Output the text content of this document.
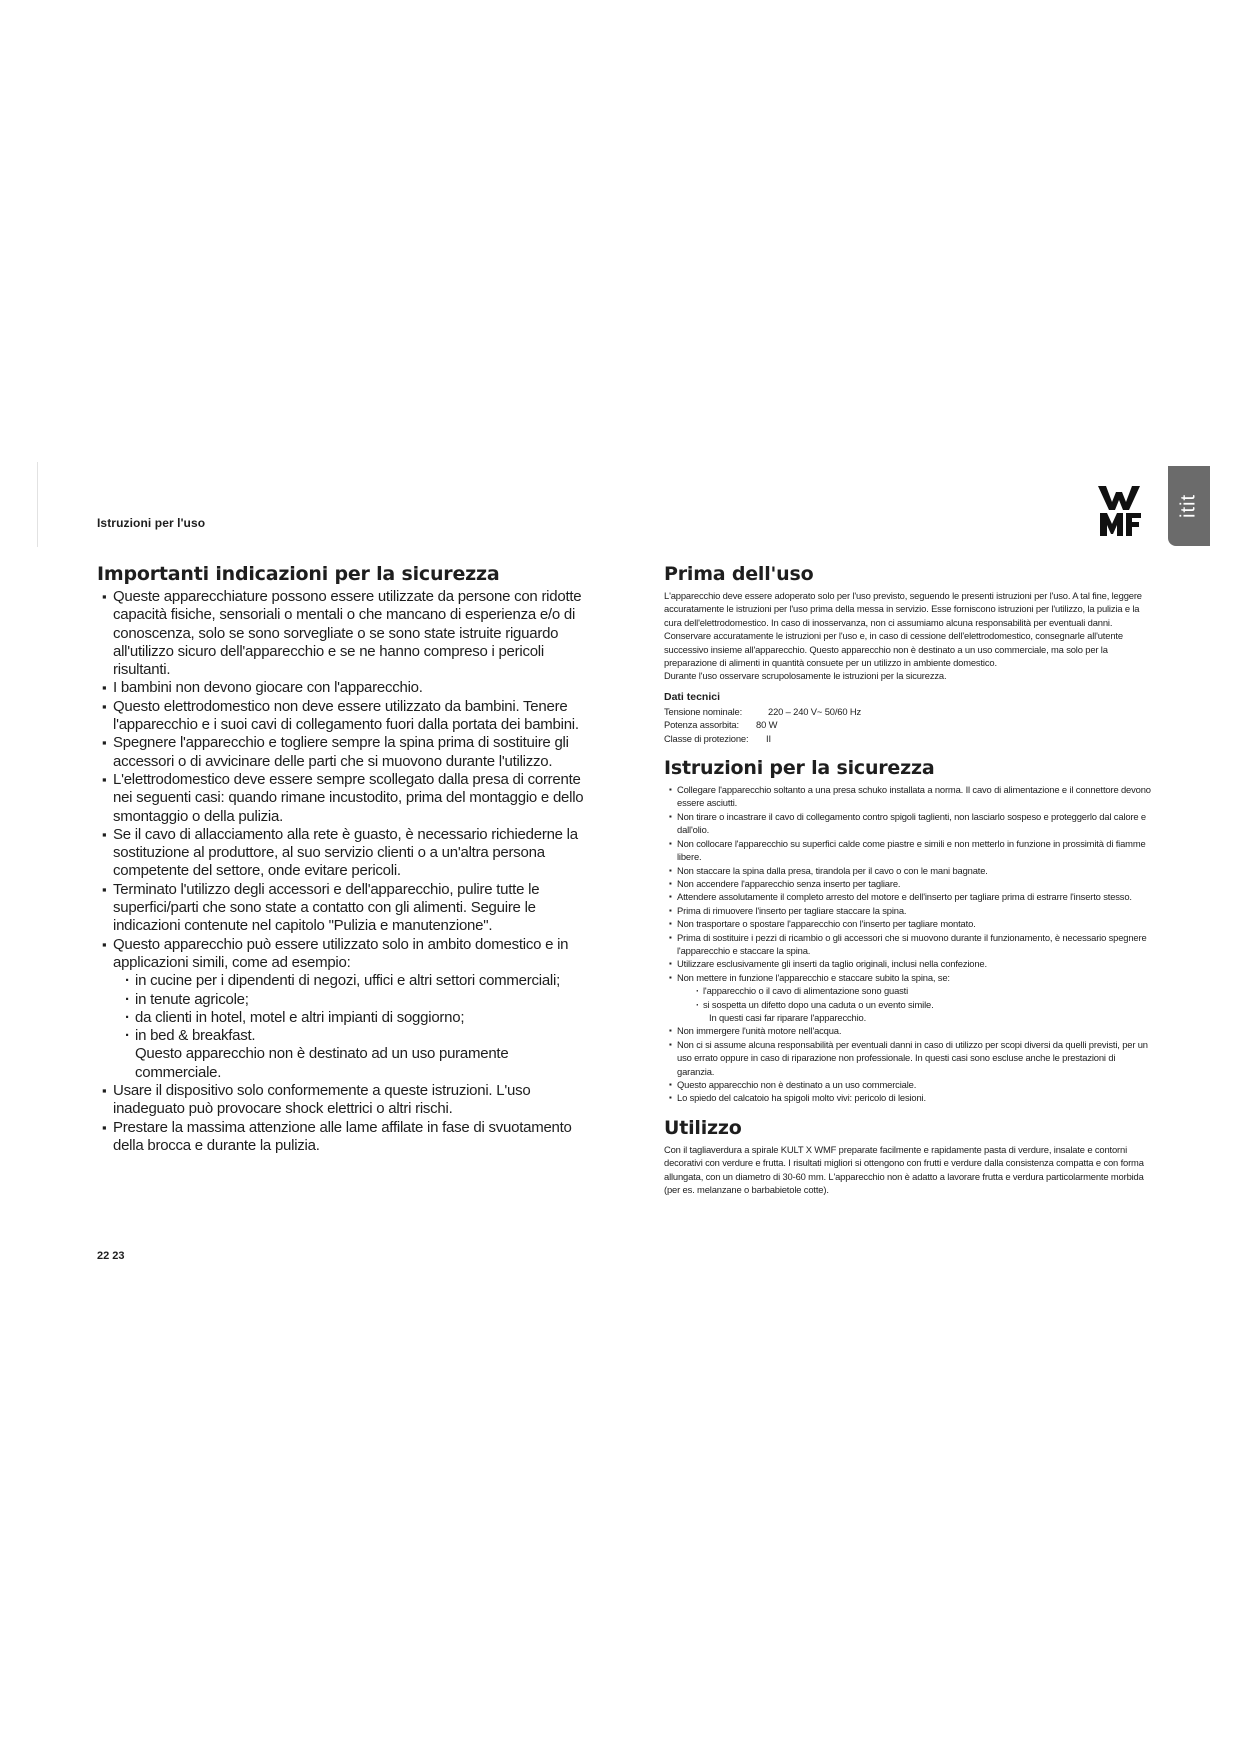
Istruzioni per l'uso
itit
Importanti indicazioni per la sicurezza
▪ Queste apparecchiature possono essere utilizzate da persone con ridotte capacità fisiche, sensoriali o mentali o che mancano di esperienza e/o di conoscenza, solo se sono sorvegliate o se sono state istruite riguardo all'utilizzo sicuro dell'apparecchio e se ne hanno compreso i pericoli risultanti.
▪ I bambini non devono giocare con l'apparecchio.
▪ Questo elettrodomestico non deve essere utilizzato da bambini. Tenere l'apparecchio e i suoi cavi di collegamento fuori dalla portata dei bambini.
▪ Spegnere l'apparecchio e togliere sempre la spina prima di sostituire gli accessori o di avvicinare delle parti che si muovono durante l'utilizzo.
▪ L'elettrodomestico deve essere sempre scollegato dalla presa di corrente nei seguenti casi: quando rimane incustodito, prima del montaggio e dello smontaggio o della pulizia.
▪ Se il cavo di allacciamento alla rete è guasto, è necessario richiederne la sostituzione al produttore, al suo servizio clienti o a un'altra persona competente del settore, onde evitare pericoli.
▪ Terminato l'utilizzo degli accessori e dell'apparecchio, pulire tutte le superfici/parti che sono state a contatto con gli alimenti. Seguire le indicazioni contenute nel capitolo "Pulizia e manutenzione".
▪ Questo apparecchio può essere utilizzato solo in ambito domestico e in applicazioni simili, come ad esempio:
· in cucine per i dipendenti di negozi, uffici e altri settori commerciali;
· in tenute agricole;
· da clienti in hotel, motel e altri impianti di soggiorno;
· in bed & breakfast.
Questo apparecchio non è destinato ad un uso puramente commerciale.
▪ Usare il dispositivo solo conformemente a queste istruzioni. L'uso inadeguato può provocare shock elettrici o altri rischi.
▪ Prestare la massima attenzione alle lame affilate in fase di svuotamento della brocca e durante la pulizia.
Prima dell'uso

L'apparecchio deve essere adoperato solo per l'uso previsto, seguendo le presenti istruzioni per l'uso. A tal fine, leggere accuratamente le istruzioni per l'uso prima della messa in servizio. Esse forniscono istruzioni per l'utilizzo, la pulizia e la cura dell'elettrodomestico. In caso di inosservanza, non ci assumiamo alcuna responsabilità per eventuali danni. Conservare accuratamente le istruzioni per l'uso e, in caso di cessione dell'elettrodomestico, consegnarle all'utente successivo insieme all'apparecchio. Questo apparecchio non è destinato a un uso commerciale, ma solo per la preparazione di alimenti in quantità consuete per un utilizzo in ambiente domestico.

Durante l'uso osservare scrupolosamente le istruzioni per la sicurezza.

Dati tecnici
Tensione nominale:	220 – 240 V~ 50/60 Hz
Potenza assorbita: 80 W
Classe di protezione: II
Istruzioni per la sicurezza
▪ Collegare l'apparecchio soltanto a una presa schuko installata a norma. Il cavo di alimentazione e il connettore devono essere asciutti.
▪ Non tirare o incastrare il cavo di collegamento contro spigoli taglienti, non lasciarlo sospeso e proteggerlo dal calore e dall'olio.
▪ Non collocare l'apparecchio su superfici calde come piastre e simili e non metterlo in funzione in prossimità di fiamme libere.
▪ Non staccare la spina dalla presa, tirandola per il cavo o con le mani bagnate.
▪ Non accendere l'apparecchio senza inserto per tagliare.
▪ Attendere assolutamente il completo arresto del motore e dell'inserto per tagliare prima di estrarre l'inserto stesso.
▪ Prima di rimuovere l'inserto per tagliare staccare la spina.
▪ Non trasportare o spostare l'apparecchio con l'inserto per tagliare montato.
▪ Prima di sostituire i pezzi di ricambio o gli accessori che si muovono durante il funzionamento, è necessario spegnere l'apparecchio e staccare la spina.
▪ Utilizzare esclusivamente gli inserti da taglio originali, inclusi nella confezione.
▪ Non mettere in funzione l'apparecchio e staccare subito la spina, se:
· l'apparecchio o il cavo di alimentazione sono guasti
· si sospetta un difetto dopo una caduta o un evento simile.
In questi casi far riparare l'apparecchio.
▪ Non immergere l'unità motore nell'acqua.
▪ Non ci si assume alcuna responsabilità per eventuali danni in caso di utilizzo per scopi diversi da quelli previsti, per un uso errato oppure in caso di riparazione non professionale. In questi casi sono escluse anche le prestazioni di garanzia.
▪ Questo apparecchio non è destinato a un uso commerciale.
▪ Lo spiedo del calcatoio ha spigoli molto vivi: pericolo di lesioni.
Utilizzo

Con il tagliaverdura a spirale KULT X WMF preparate facilmente e rapidamente pasta di verdure, insalate e contorni decorativi con verdure e frutta. I risultati migliori si ottengono con frutti e verdure dalla consistenza compatta e con forma allungata, con un diametro di 30-60 mm. L'apparecchio non è adatto a lavorare frutta e verdura particolarmente morbida (per es. melanzane o barbabietole cotte).

22 23
